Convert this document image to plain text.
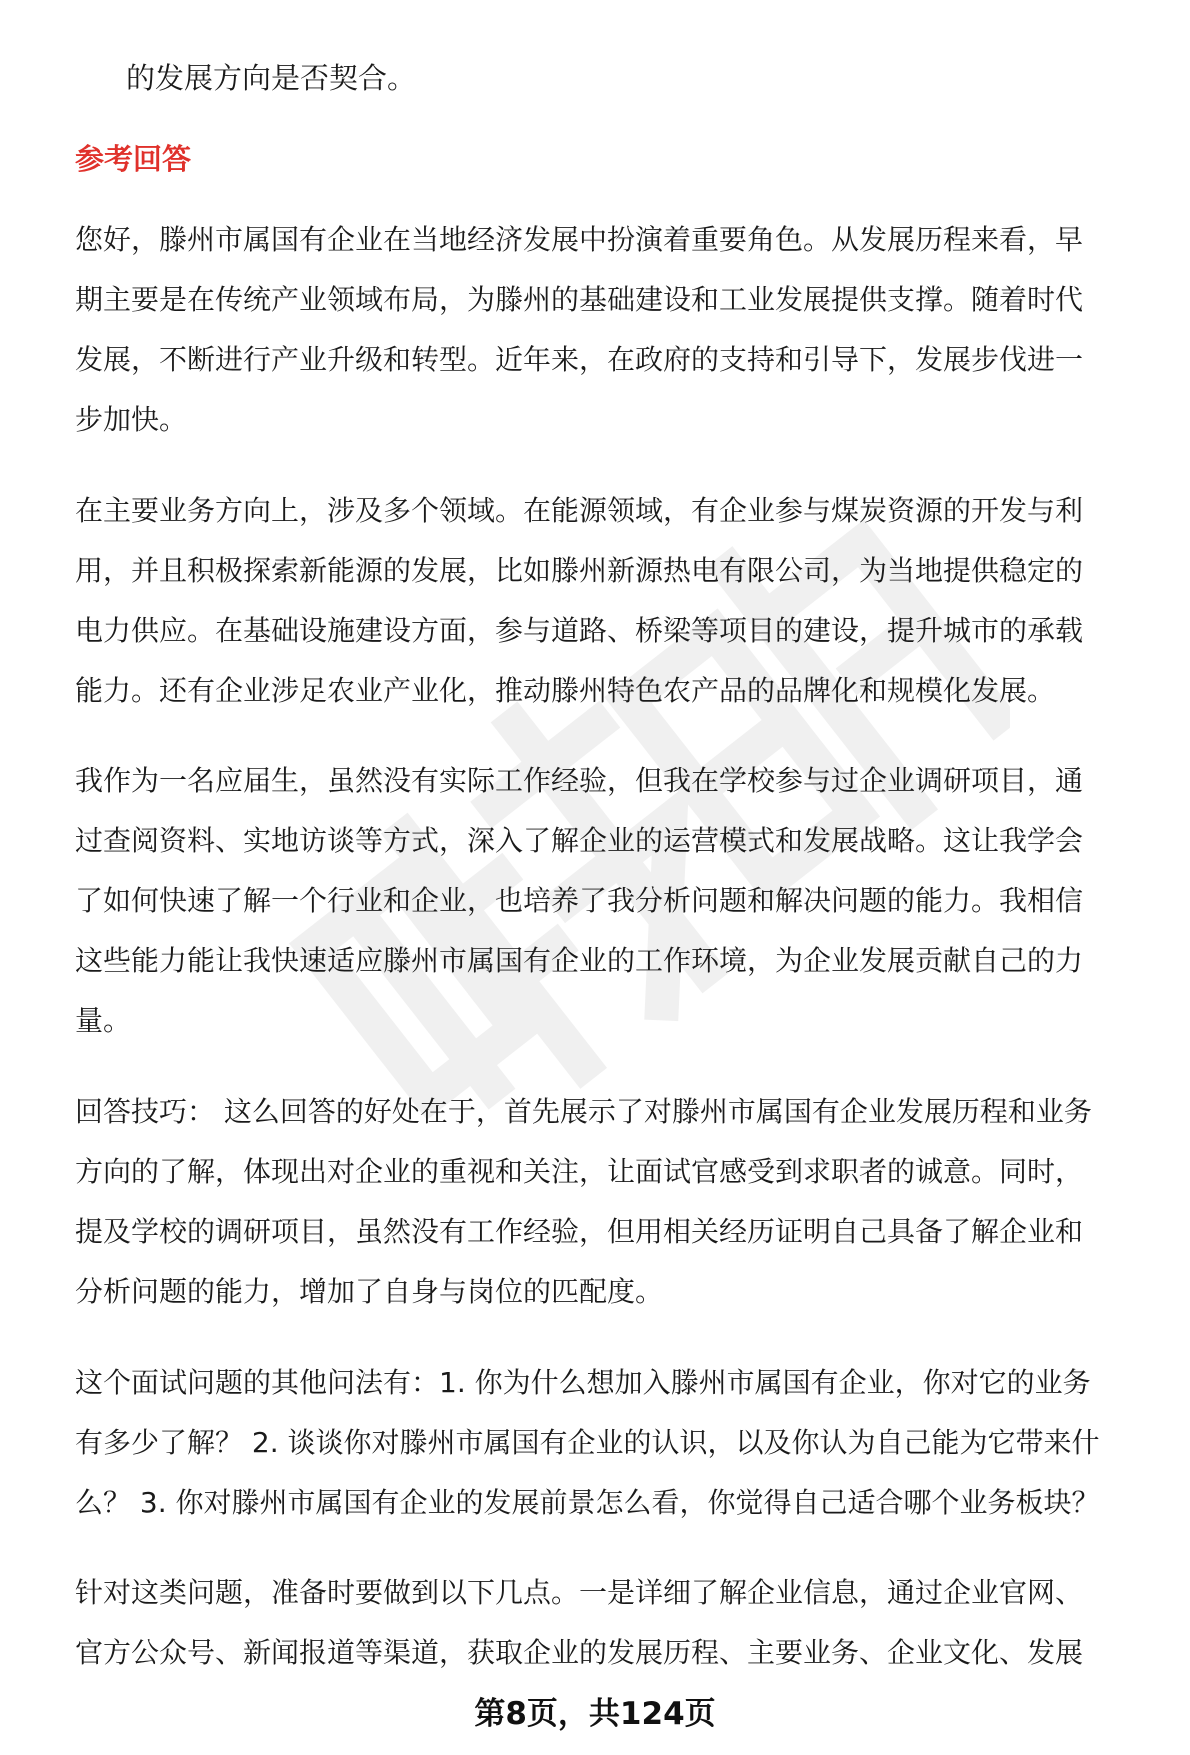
的发展方向是否契合。
参考回答
您好，滕州市属国有企业在当地经济发展中扮演着重要角色。从发展历程来看，早
期主要是在传统产业领域布局，为滕州的基础建设和工业发展提供支撑。随着时代
发展，不断进行产业升级和转型。近年来，在政府的支持和引导下，发展步伐进一
步加快。
在主要业务方向上，涉及多个领域。在能源领域，有企业参与煤炭资源的开发与利
用，并且积极探索新能源的发展，比如滕州新源热电有限公司，为当地提供稳定的
电力供应。在基础设施建设方面，参与道路、桥梁等项目的建设，提升城市的承载
能力。还有企业涉足农业产业化，推动滕州特色农产品的品牌化和规模化发展。
我作为一名应届生，虽然没有实际工作经验，但我在学校参与过企业调研项目，通
过查阅资料、实地访谈等方式，深入了解企业的运营模式和发展战略。这让我学会
了如何快速了解一个行业和企业，也培养了我分析问题和解决问题的能力。我相信
这些能力能让我快速适应滕州市属国有企业的工作环境，为企业发展贡献自己的力
量。
回答技巧： 这么回答的好处在于，首先展示了对滕州市属国有企业发展历程和业务
方向的了解，体现出对企业的重视和关注，让面试官感受到求职者的诚意。同时，
提及学校的调研项目，虽然没有工作经验，但用相关经历证明自己具备了解企业和
分析问题的能力，增加了自身与岗位的匹配度。
这个面试问题的其他问法有：1. 你为什么想加入滕州市属国有企业，你对它的业务
有多少了解？ 2. 谈谈你对滕州市属国有企业的认识，以及你认为自己能为它带来什
么？ 3. 你对滕州市属国有企业的发展前景怎么看，你觉得自己适合哪个业务板块？
针对这类问题，准备时要做到以下几点。一是详细了解企业信息，通过企业官网、
官方公众号、新闻报道等渠道，获取企业的发展历程、主要业务、企业文化、发展
第8页，共124页
